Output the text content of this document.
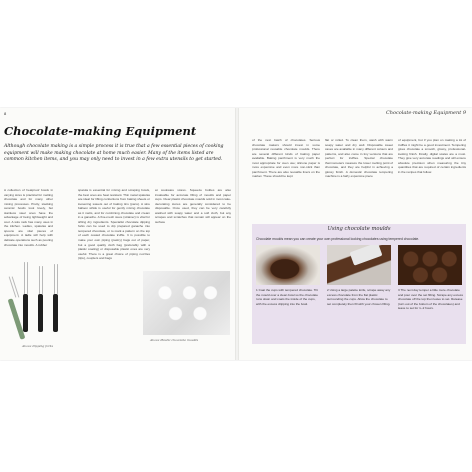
8
Chocolate-making Equipment

Although chocolate making is a simple process it is true that a few essential pieces of cooking equipment will make making chocolate at home much easier. Many of the items listed are common kitchen items, and you may only need to invest in a few extra utensils to get started.

A collection of heatproof bowls in varying sizes is practical for melting chocolate and for many other mixing processes. Pretty, stacking ceramic bowls look lovely, but stainless steel ones have the advantage of being lightweight and cool. A wire rack has many uses in the kitchen. Ladles, spatulas and spoons are vital pieces of equipment. A ladle will help with delicate operations such as pouring chocolate into moulds. A rubber

spatula is essential for mixing and scraping bowls, the best ones are heat resistant. Thin metal spatulas are ideal for lifting confections from baking sheets or loosening sweets out of baking tins (pans). A wire balloon whisk is useful for gently mixing chocolate as it melts, and for combining chocolate and cream in a ganache. A fine-mesh sieve (strainer) is vital for sifting dry ingredients. Specialist chocolate dipping forks can be used to dip prepared ganache into tempered chocolate, or to mark a pattern on the top of each coated chocolate truffle. It is possible to make your own piping (pastry) bags out of paper, but a good quality cloth bag (preferably with a plastic coating) or disposable plastic ones are very useful. There is a great choice of piping nozzles (tips), couplers and bags

at cookware stores. Squeeze bottles are also invaluable for accurate filling of moulds and paper cups. Clear plastic chocolate moulds sold in most cake-decorating stores are generally considered to be disposable. Once used, they can be very carefully washed with soapy water and a soft cloth, but any scrapes and scratches that remain will appear on the surface

Above Dipping forks
Above Plastic chocolate moulds
Chocolate-making Equipment 9

of the next batch of chocolates. Serious chocolate makers should invest in some professional reusable chocolate moulds. There are several different kinds of baking paper available. Baking parchment is very much the most appropriate for oven use; silicone paper is more expensive and even more non-stick than parchment. There are also reusable liners on the market. These should be kept

flat or rolled. To clean them, wash with warm soapy water and dry well. Disposable sweet cases are available in many different colours and patterns, and also come in tiny versions that are perfect for truffles. Special chocolate thermometers measure the lower melting point of chocolate, and they are helpful in achieving a glossy finish. A domestic chocolate tempering machine is a fairly expensive piece

of equipment, but if you plan on making a lot of truffles it might be a good investment. Tempering gives chocolate a smooth, glossy, professional-looking finish. Finally, digital scales are a must. They give very accurate readings and will ensure absolute precision when measuring the tiny quantities that are required of certain ingredients in the recipes that follow.

Using chocolate moulds
Chocolate moulds mean you can create your own professional looking chocolates using tempered chocolate.
1 Coat the cups with tempered chocolate. Tilt the mould over a clean bowl so the chocolate runs down and coats the inside of the cups, with the excess dripping into the bowl.
2 Using a large palette knife, scrape away any excess chocolate from the flat plastic surrounding the cups. Allow the chocolate to set completely then fill with your chosen filling.
3 The next day temper a little more chocolate and pour over the set filling. Scrape any excess chocolate off the top then leave to set. Release (turn out of the bottom of the chocolates) and leave to set for 1–2 hours.
